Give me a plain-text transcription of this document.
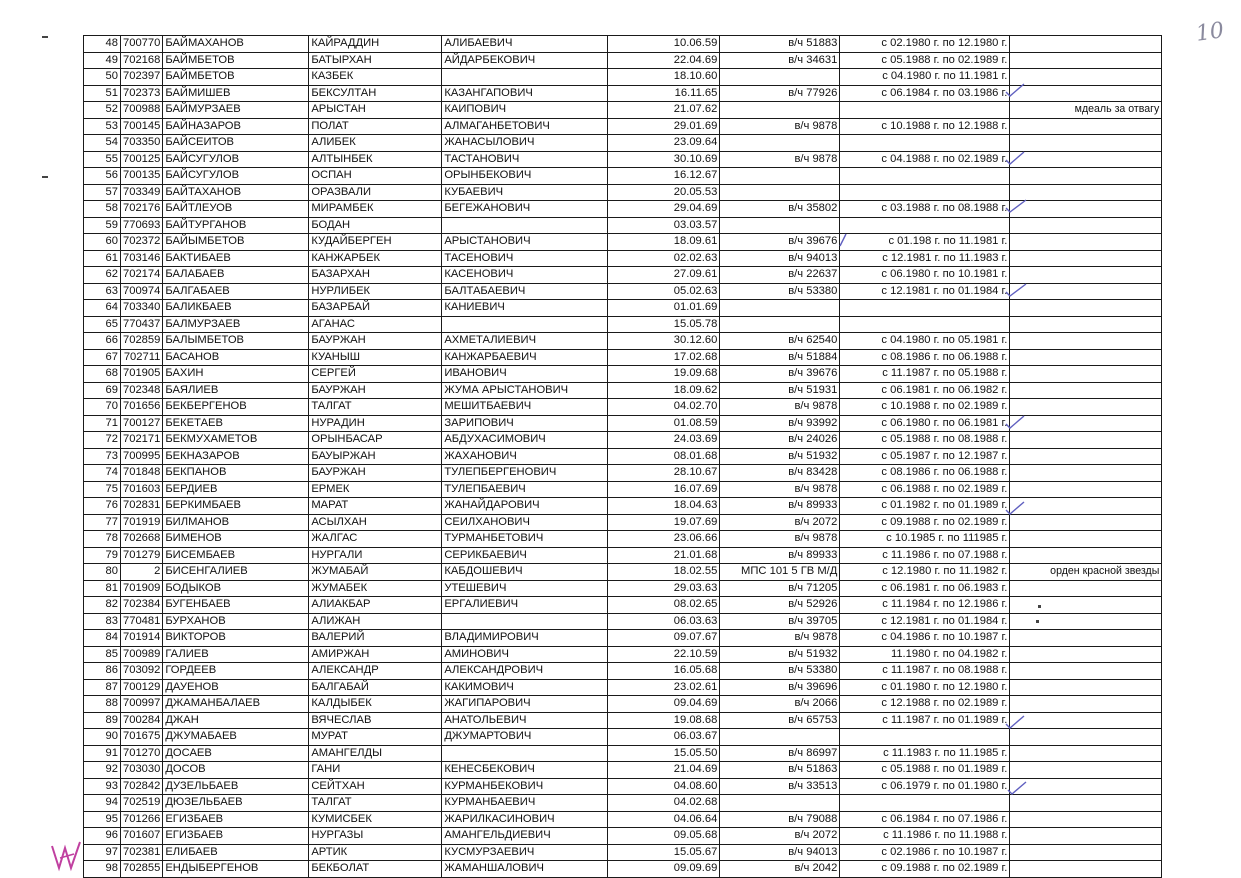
10
48	700770	БАЙМАХАНОВ	КАЙРАДДИН	АЛИБАЕВИЧ	10.06.59	в/ч 51883	с 02.1980 г. по 12.1980 г.	
49	702168	БАЙМБЕТОВ	БАТЫРХАН	АЙДАРБЕКОВИЧ	22.04.69	в/ч 34631	с 05.1988 г. по 02.1989 г.	
50	702397	БАЙМБЕТОВ	КАЗБЕК		18.10.60		с 04.1980 г. по 11.1981 г.	
51	702373	БАЙМИШЕВ	БЕКСУЛТАН	КАЗАНГАПОВИЧ	16.11.65	в/ч 77926	с 06.1984 г. по 03.1986 г.	
52	700988	БАЙМУРЗАЕВ	АРЫСТАН	КАИПОВИЧ	21.07.62			мдеаль за отвагу
53	700145	БАЙНАЗАРОВ	ПОЛАТ	АЛМАГАНБЕТОВИЧ	29.01.69	в/ч 9878	с 10.1988 г. по 12.1988 г.	
54	703350	БАЙСЕИТОВ	АЛИБЕК	ЖАНАСЫЛОВИЧ	23.09.64			
55	700125	БАЙСУГУЛОВ	АЛТЫНБЕК	ТАСТАНОВИЧ	30.10.69	в/ч 9878	с 04.1988 г. по 02.1989 г.	
56	700135	БАЙСУГУЛОВ	ОСПАН	ОРЫНБЕКОВИЧ	16.12.67			
57	703349	БАЙТАХАНОВ	ОРАЗВАЛИ	КУБАЕВИЧ	20.05.53			
58	702176	БАЙТЛЕУОВ	МИРАМБЕК	БЕГЕЖАНОВИЧ	29.04.69	в/ч 35802	с 03.1988 г. по 08.1988 г.	
59	770693	БАЙТУРГАНОВ	БОДАН		03.03.57			
60	702372	БАЙЫМБЕТОВ	КУДАЙБЕРГЕН	АРЫСТАНОВИЧ	18.09.61	в/ч 39676	с 01.198 г. по 11.1981 г.	
61	703146	БАКТИБАЕВ	КАНЖАРБЕК	ТАСЕНОВИЧ	02.02.63	в/ч 94013	с 12.1981 г. по 11.1983 г.	
62	702174	БАЛАБАЕВ	БАЗАРХАН	КАСЕНОВИЧ	27.09.61	в/ч 22637	с 06.1980 г. по 10.1981 г.	
63	700974	БАЛГАБАЕВ	НУРЛИБЕК	БАЛТАБАЕВИЧ	05.02.63	в/ч 53380	с 12.1981 г. по 01.1984 г.	
64	703340	БАЛИКБАЕВ	БАЗАРБАЙ	КАНИЕВИЧ	01.01.69			
65	770437	БАЛМУРЗАЕВ	АГАНАС		15.05.78			
66	702859	БАЛЫМБЕТОВ	БАУРЖАН	АХМЕТАЛИЕВИЧ	30.12.60	в/ч 62540	с 04.1980 г. по 05.1981 г.	
67	702711	БАСАНОВ	КУАНЫШ	КАНЖАРБАЕВИЧ	17.02.68	в/ч 51884	с 08.1986 г. по 06.1988 г.	
68	701905	БАХИН	СЕРГЕЙ	ИВАНОВИЧ	19.09.68	в/ч 39676	с 11.1987 г. по 05.1988 г.	
69	702348	БАЯЛИЕВ	БАУРЖАН	ЖУМА АРЫСТАНОВИЧ	18.09.62	в/ч 51931	с 06.1981 г. по 06.1982 г.	
70	701656	БЕКБЕРГЕНОВ	ТАЛГАТ	МЕШИТБАЕВИЧ	04.02.70	в/ч 9878	с 10.1988 г. по 02.1989 г.	
71	700127	БЕКЕТАЕВ	НУРАДИН	ЗАРИПОВИЧ	01.08.59	в/ч 93992	с 06.1980 г. по 06.1981 г.	
72	702171	БЕКМУХАМЕТОВ	ОРЫНБАСАР	АБДУХАСИМОВИЧ	24.03.69	в/ч 24026	с 05.1988 г. по 08.1988 г.	
73	700995	БЕКНАЗАРОВ	БАУЫРЖАН	ЖАХАНОВИЧ	08.01.68	в/ч 51932	с 05.1987 г. по 12.1987 г.	
74	701848	БЕКПАНОВ	БАУРЖАН	ТУЛЕПБЕРГЕНОВИЧ	28.10.67	в/ч 83428	с 08.1986 г. по 06.1988 г.	
75	701603	БЕРДИЕВ	ЕРМЕК	ТУЛЕПБАЕВИЧ	16.07.69	в/ч 9878	с 06.1988 г. по 02.1989 г.	
76	702831	БЕРКИМБАЕВ	МАРАТ	ЖАНАЙДАРОВИЧ	18.04.63	в/ч 89933	с 01.1982 г. по 01.1989 г.	
77	701919	БИЛМАНОВ	АСЫЛХАН	СЕИЛХАНОВИЧ	19.07.69	в/ч 2072	с 09.1988 г. по 02.1989 г.	
78	702668	БИМЕНОВ	ЖАЛГАС	ТУРМАНБЕТОВИЧ	23.06.66	в/ч 9878	с 10.1985 г. по 111985 г.	
79	701279	БИСЕМБАЕВ	НУРГАЛИ	СЕРИКБАЕВИЧ	21.01.68	в/ч 89933	с 11.1986 г. по 07.1988 г.	
80	2	БИСЕНГАЛИЕВ	ЖУМАБАЙ	КАБДОШЕВИЧ	18.02.55	МПС 101 5 ГВ М/Д	с 12.1980 г. по 11.1982 г.	орден красной звезды
81	701909	БОДЫКОВ	ЖУМАБЕК	УТЕШЕВИЧ	29.03.63	в/ч 71205	с 06.1981 г. по 06.1983 г.	
82	702384	БУГЕНБАЕВ	АЛИАКБАР	ЕРГАЛИЕВИЧ	08.02.65	в/ч 52926	с 11.1984 г. по 12.1986 г.	
83	770481	БУРХАНОВ	АЛИЖАН		06.03.63	в/ч 39705	с 12.1981 г. по 01.1984 г.	
84	701914	ВИКТОРОВ	ВАЛЕРИЙ	ВЛАДИМИРОВИЧ	09.07.67	в/ч 9878	с 04.1986 г. по 10.1987 г.	
85	700989	ГАЛИЕВ	АМИРЖАН	АМИНОВИЧ	22.10.59	в/ч 51932	11.1980 г. по 04.1982 г.	
86	703092	ГОРДЕЕВ	АЛЕКСАНДР	АЛЕКСАНДРОВИЧ	16.05.68	в/ч 53380	с 11.1987 г. по 08.1988 г.	
87	700129	ДАУЕНОВ	БАЛГАБАЙ	КАКИМОВИЧ	23.02.61	в/ч 39696	с 01.1980 г. по 12.1980 г.	
88	700997	ДЖАМАНБАЛАЕВ	КАЛДЫБЕК	ЖАГИПАРОВИЧ	09.04.69	в/ч 2066	с 12.1988 г. по 02.1989 г.	
89	700284	ДЖАН	ВЯЧЕСЛАВ	АНАТОЛЬЕВИЧ	19.08.68	в/ч 65753	с 11.1987 г. по 01.1989 г.	
90	701675	ДЖУМАБАЕВ	МУРАТ	ДЖУМАРТОВИЧ	06.03.67			
91	701270	ДОСАЕВ	АМАНГЕЛДЫ		15.05.50	в/ч 86997	с 11.1983 г. по 11.1985 г.	
92	703030	ДОСОВ	ГАНИ	КЕНЕСБЕКОВИЧ	21.04.69	в/ч 51863	с 05.1988 г. по 01.1989 г.	
93	702842	ДУЗЕЛЬБАЕВ	СЕЙТХАН	КУРМАНБЕКОВИЧ	04.08.60	в/ч 33513	с 06.1979 г. по 01.1980 г.	
94	702519	ДЮЗЕЛЬБАЕВ	ТАЛГАТ	КУРМАНБАЕВИЧ	04.02.68			
95	701266	ЕГИЗБАЕВ	КУМИСБЕК	ЖАРИЛКАСИНОВИЧ	04.06.64	в/ч 79088	с 06.1984 г. по 07.1986 г.	
96	701607	ЕГИЗБАЕВ	НУРГАЗЫ	АМАНГЕЛЬДИЕВИЧ	09.05.68	в/ч 2072	с 11.1986 г. по 11.1988 г.	
97	702381	ЕЛИБАЕВ	АРТИК	КУСМУРЗАЕВИЧ	15.05.67	в/ч 94013	с 02.1986 г. по 10.1987 г.	
98	702855	ЕНДЫБЕРГЕНОВ	БЕКБОЛАТ	ЖАМАНШАЛОВИЧ	09.09.69	в/ч 2042	с 09.1988 г. по 02.1989 г.	
